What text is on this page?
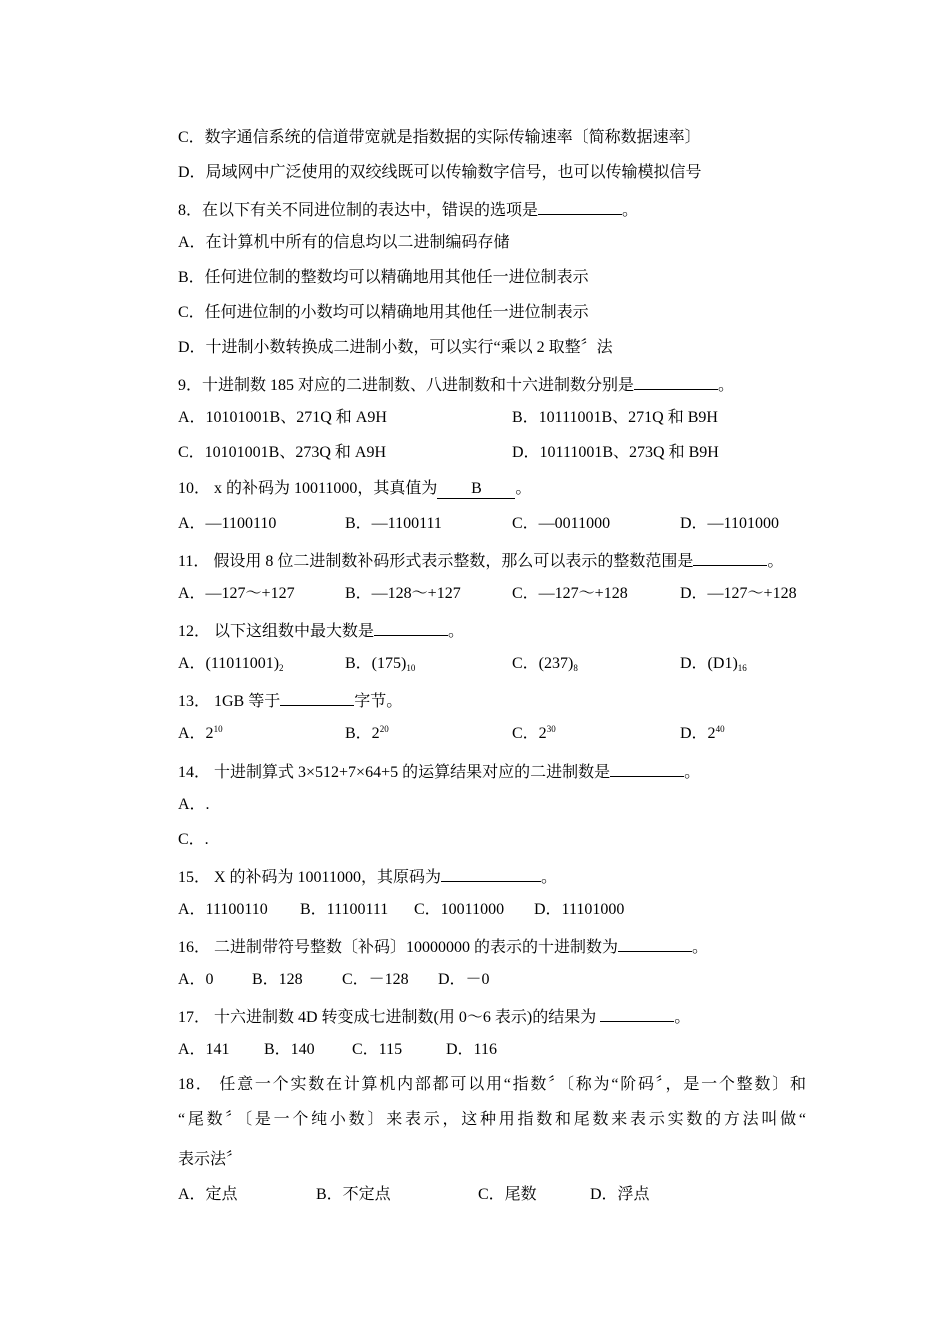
C．数字通信系统的信道带宽就是指数据的实际传输速率〔简称数据速率〕
D．局域网中广泛使用的双绞线既可以传输数字信号，也可以传输模拟信号
8．在以下有关不同进位制的表达中，错误的选项是	。
A．在计算机中所有的信息均以二进制编码存储
B．任何进位制的整数均可以精确地用其他任一进位制表示
C．任何进位制的小数均可以精确地用其他任一进位制表示
D．十进制小数转换成二进制小数，可以实行“乘以 2 取整〞法
9．十进制数 185 对应的二进制数、八进制数和十六进制数分别是	。
A．10101001B、271Q 和 A9H	B．10111001B、271Q 和 B9H
C．10101001B、273Q 和 A9H	D．10111001B、273Q 和 B9H
10． x 的补码为 10011000，其真值为 B 。
A．—1100110	B．—1100111	C．—0011000	D．—1101000
11． 假设用 8 位二进制数补码形式表示整数，那么可以表示的整数范围是	。
A．—127～+127	B．—128～+127	C．—127～+128	D．—127～+128
12． 以下这组数中最大数是	。
A．$(11011001)_2$	B．$(175)_{10}$	C．$(237)_8$	D．$(D1)_{16}$
13． 1GB 等于	字节。
A．$2^{10}$	B．$2^{20}$	C．$2^{30}$	D．$2^{40}$
14． 十进制算式 3×512+7×64+5 的运算结果对应的二进制数是	。
A．.
C．.
15． X 的补码为 10011000，其原码为	。
A．11100110 B．11100111 C．10011000 D．11101000
16． 二进制带符号整数〔补码〕10000000 的表示的十进制数为	。
A．0 B．128 C．－128 D．－0
17． 十六进制数 4D 转变成七进制数(用 0～6 表示)的结果为	。
A．141 B．140 C．115	D．116
18． 任意一个实数在计算机内部都可以用“指数〞〔称为“阶码〞，是一个整数〕和
“尾数〞〔是一个纯小数〕来表示，这种用指数和尾数来表示实数的方法叫做“
表示法〞
A．定点	B．不定点	C．尾数	D．浮点
